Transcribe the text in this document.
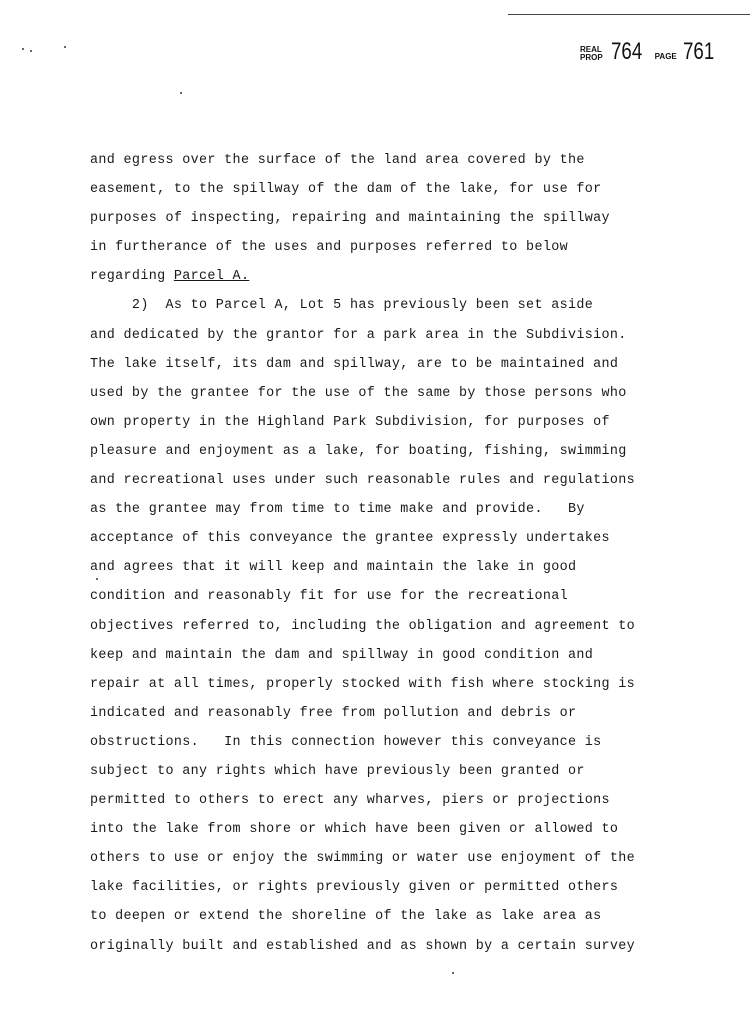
REAL
PROP 764	PAGE 761
and egress over the surface of the land area covered by the
easement, to the spillway of the dam of the lake, for use for
purposes of inspecting, repairing and maintaining the spillway
in furtherance of the uses and purposes referred to below
regarding Parcel A.
2)  As to Parcel A, Lot 5 has previously been set aside
and dedicated by the grantor for a park area in the Subdivision.
The lake itself, its dam and spillway, are to be maintained and
used by the grantee for the use of the same by those persons who
own property in the Highland Park Subdivision, for purposes of
pleasure and enjoyment as a lake, for boating, fishing, swimming
and recreational uses under such reasonable rules and regulations
as the grantee may from time to time make and provide.   By
acceptance of this conveyance the grantee expressly undertakes
and agrees that it will keep and maintain the lake in good
condition and reasonably fit for use for the recreational
objectives referred to, including the obligation and agreement to
keep and maintain the dam and spillway in good condition and
repair at all times, properly stocked with fish where stocking is
indicated and reasonably free from pollution and debris or
obstructions.   In this connection however this conveyance is
subject to any rights which have previously been granted or
permitted to others to erect any wharves, piers or projections
into the lake from shore or which have been given or allowed to
others to use or enjoy the swimming or water use enjoyment of the
lake facilities, or rights previously given or permitted others
to deepen or extend the shoreline of the lake as lake area as
originally built and established and as shown by a certain survey
